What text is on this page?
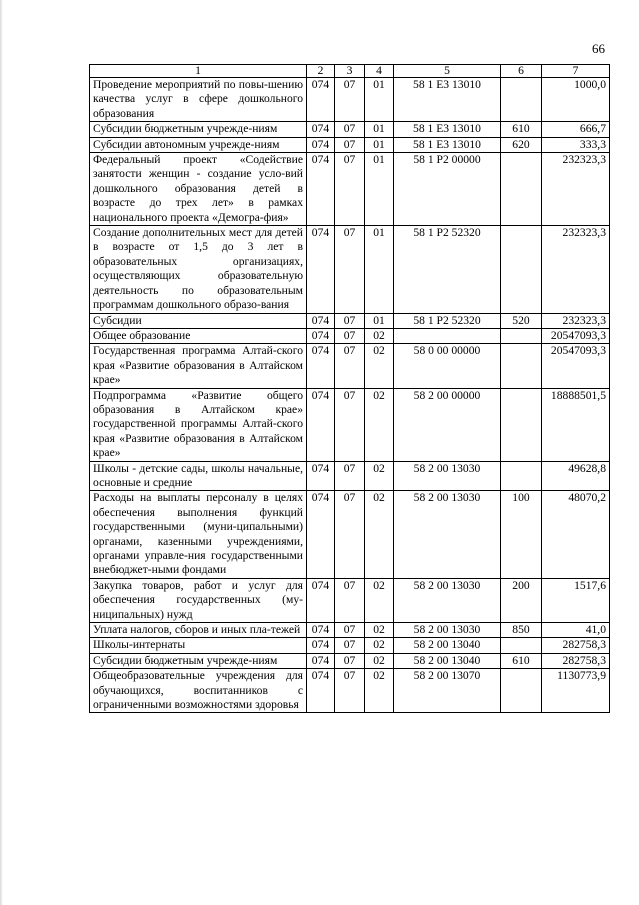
66
1	2	3	4	5	6	7
Проведение мероприятий по повы-шению качества услуг в сфере дошкольного образования	074	07	01	58 1 E3 13010		1000,0
Субсидии бюджетным учрежде-ниям	074	07	01	58 1 E3 13010	610	666,7
Субсидии автономным учрежде-ниям	074	07	01	58 1 E3 13010	620	333,3
Федеральный проект «Содействие занятости женщин - создание усло-вий дошкольного образования детей в возрасте до трех лет» в рамках национального проекта «Демогра-фия»	074	07	01	58 1 P2 00000		232323,3
Создание дополнительных мест для детей в возрасте от 1,5 до 3 лет в образовательных организациях, осуществляющих образовательную деятельность по образовательным программам дошкольного образо-вания	074	07	01	58 1 P2 52320		232323,3
Субсидии	074	07	01	58 1 P2 52320	520	232323,3
Общее образование	074	07	02			20547093,3
Государственная программа Алтай-ского края «Развитие образования в Алтайском крае»	074	07	02	58 0 00 00000		20547093,3
Подпрограмма «Развитие общего образования в Алтайском крае» государственной программы Алтай-ского края «Развитие образования в Алтайском крае»	074	07	02	58 2 00 00000		18888501,5
Школы - детские сады, школы начальные, основные и средние	074	07	02	58 2 00 13030		49628,8
Расходы на выплаты персоналу в целях обеспечения выполнения функций государственными (муни-ципальными) органами, казенными учреждениями, органами управле-ния государственными внебюджет-ными фондами	074	07	02	58 2 00 13030	100	48070,2
Закупка товаров, работ и услуг для обеспечения государственных (му-ниципальных) нужд	074	07	02	58 2 00 13030	200	1517,6
Уплата налогов, сборов и иных пла-тежей	074	07	02	58 2 00 13030	850	41,0
Школы-интернаты	074	07	02	58 2 00 13040		282758,3
Субсидии бюджетным учрежде-ниям	074	07	02	58 2 00 13040	610	282758,3
Общеобразовательные учреждения для обучающихся, воспитанников с ограниченными возможностями здоровья	074	07	02	58 2 00 13070		1130773,9
